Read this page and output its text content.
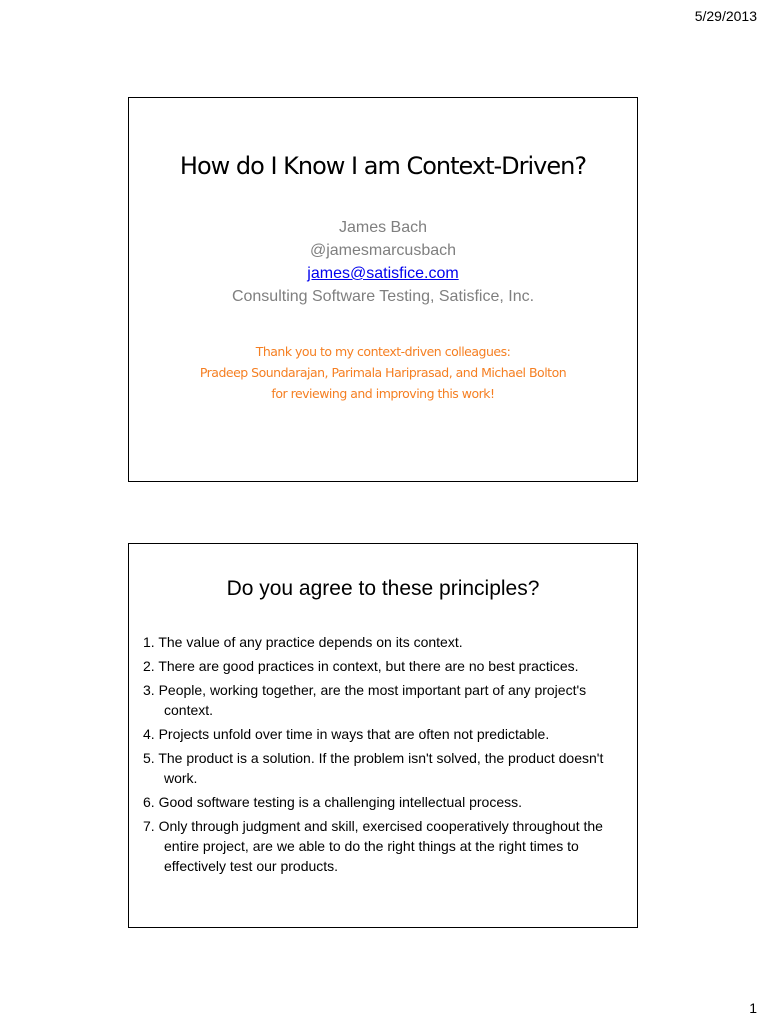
5/29/2013
How do I Know I am Context-Driven?
James Bach
@jamesmarcusbach
james@satisfice.com
Consulting Software Testing, Satisfice, Inc.
Thank you to my context-driven colleagues:
Pradeep Soundarajan, Parimala Hariprasad, and Michael Bolton
for reviewing and improving this work!
Do you agree to these principles?
1. The value of any practice depends on its context.
2. There are good practices in context, but there are no best practices.
3. People, working together, are the most important part of any project's context.
4. Projects unfold over time in ways that are often not predictable.
5. The product is a solution. If the problem isn't solved, the product doesn't work.
6. Good software testing is a challenging intellectual process.
7. Only through judgment and skill, exercised cooperatively throughout the entire project, are we able to do the right things at the right times to effectively test our products.
1
